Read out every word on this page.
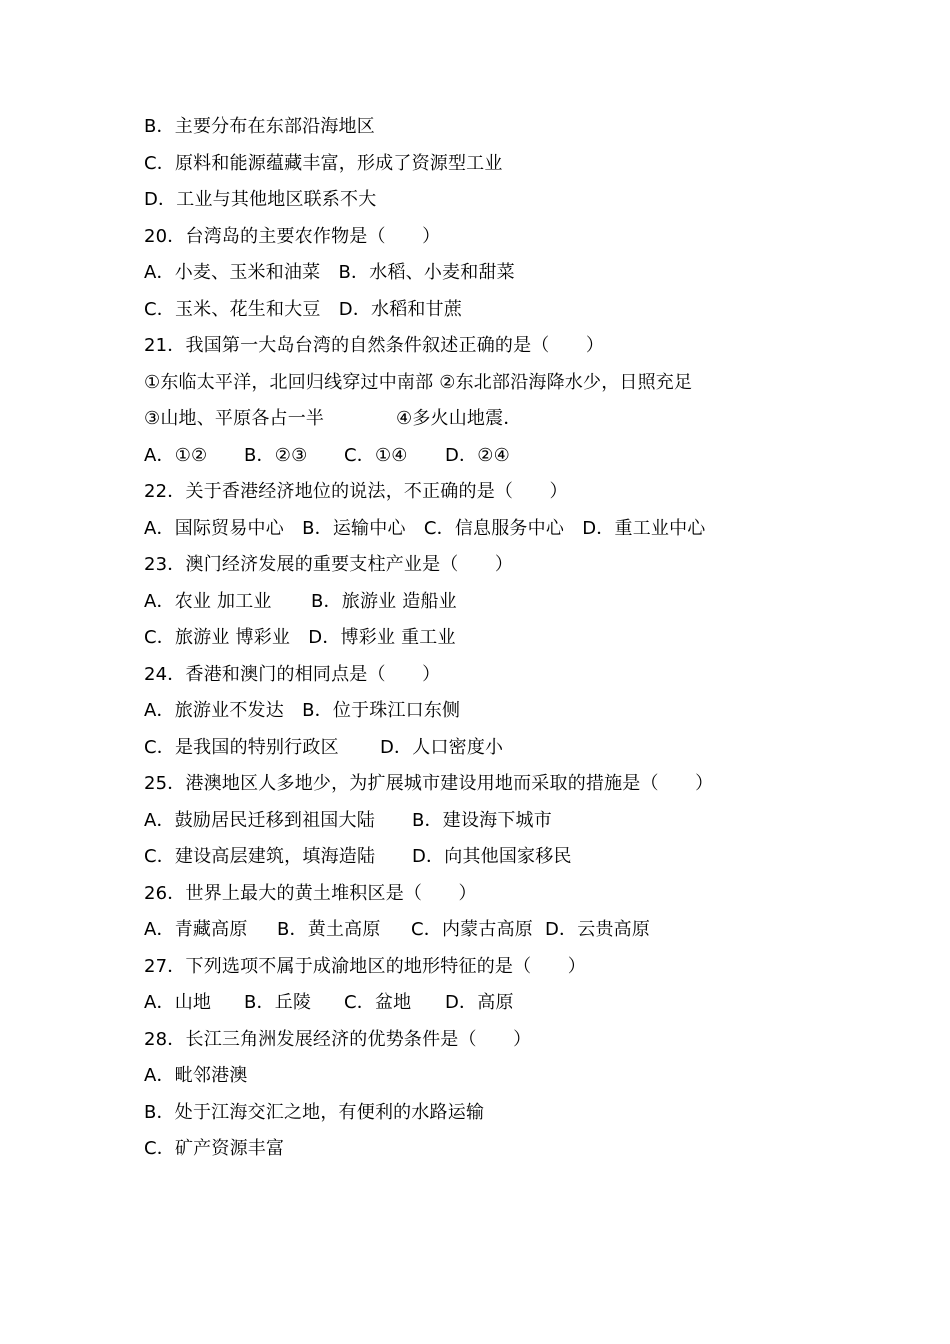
B．主要分布在东部沿海地区
C．原料和能源蕴藏丰富，形成了资源型工业
D．工业与其他地区联系不大
20．台湾岛的主要农作物是（　　）
A．小麦、玉米和油菜　B．水稻、小麦和甜菜
C．玉米、花生和大豆　D．水稻和甘蔗
21．我国第一大岛台湾的自然条件叙述正确的是（　　）
①东临太平洋，北回归线穿过中南部 ②东北部沿海降水少，日照充足

③山地、平原各占一半

	④多火山地震．

A．①②

B．②③

C．①④

D．②④

22．关于香港经济地位的说法，不正确的是（　　）
A．国际贸易中心　B．运输中心　C．信息服务中心　D．重工业中心
23．澳门经济发展的重要支柱产业是（　　）

A．农业 加工业

B．旅游业 造船业

C．旅游业 博彩业　D．博彩业 重工业
24．香港和澳门的相同点是（　　）
A．旅游业不发达　B．位于珠江口东侧

C．是我国的特别行政区

D．人口密度小

25．港澳地区人多地少，为扩展城市建设用地而采取的措施是（　　）

A．鼓励居民迁移到祖国大陆

B．建设海下城市

C．建设高层建筑，填海造陆

D．向其他国家移民

26．世界上最大的黄土堆积区是（　　）

A．青藏高原

B．黄土高原

C．内蒙古高原

D．云贵高原

27．下列选项不属于成渝地区的地形特征的是（　　）

A．山地

B．丘陵

C．盆地

D．高原

28．长江三角洲发展经济的优势条件是（　　）
A．毗邻港澳
B．处于江海交汇之地，有便利的水路运输
C．矿产资源丰富
